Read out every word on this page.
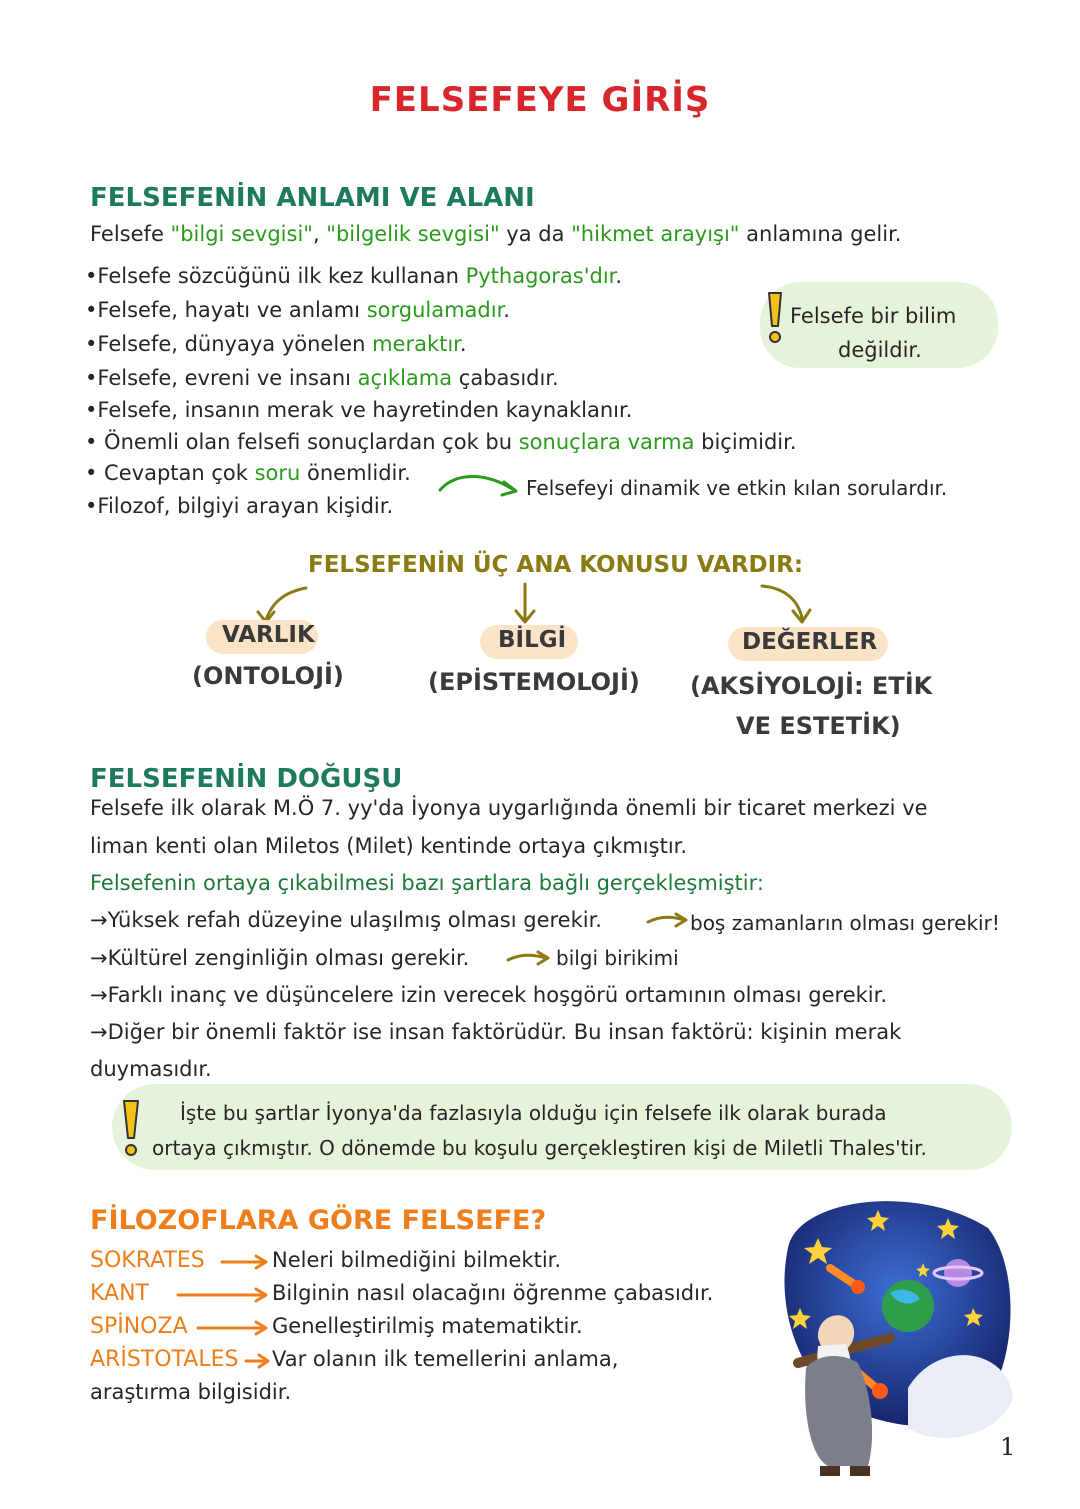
FELSEFEYE GİRİŞ
FELSEFENİN ANLAMI VE ALANI
Felsefe "bilgi sevgisi", "bilgelik sevgisi" ya da "hikmet arayışı" anlamına gelir.
•Felsefe sözcüğünü ilk kez kullanan Pythagoras'dır.
•Felsefe, hayatı ve anlamı sorgulamadır.
•Felsefe, dünyaya yönelen meraktır.
•Felsefe, evreni ve insanı açıklama çabasıdır.
•Felsefe, insanın merak ve hayretinden kaynaklanır.
• Önemli olan felsefi sonuçlardan çok bu sonuçlara varma biçimidir.
• Cevaptan çok soru önemlidir.
•Filozof, bilgiyi arayan kişidir.
Felsefeyi dinamik ve etkin kılan sorulardır.
Felsefe bir bilim
değildir.
FELSEFENİN ÜÇ ANA KONUSU VARDIR:
VARLIK
(ONTOLOJİ)
BİLGİ
(EPİSTEMOLOJİ)
DEĞERLER
(AKSİYOLOJİ: ETİK
VE ESTETİK)
FELSEFENİN DOĞUŞU
Felsefe ilk olarak M.Ö 7. yy'da İyonya uygarlığında önemli bir ticaret merkezi ve
liman kenti olan Miletos (Milet) kentinde ortaya çıkmıştır.
Felsefenin ortaya çıkabilmesi bazı şartlara bağlı gerçekleşmiştir:
→Yüksek refah düzeyine ulaşılmış olması gerekir.	boş zamanların olması gerekir!
→Kültürel zenginliğin olması gerekir.	bilgi birikimi
→Farklı inanç ve düşüncelere izin verecek hoşgörü ortamının olması gerekir.
→Diğer bir önemli faktör ise insan faktörüdür. Bu insan faktörü: kişinin merak
duymasıdır.
İşte bu şartlar İyonya'da fazlasıyla olduğu için felsefe ilk olarak burada
ortaya çıkmıştır. O dönemde bu koşulu gerçekleştiren kişi de Miletli Thales'tir.
FİLOZOFLARA GÖRE FELSEFE?
SOKRATES	Neleri bilmediğini bilmektir.
KANT	Bilginin nasıl olacağını öğrenme çabasıdır.
SPİNOZA	Genelleştirilmiş matematiktir.
ARİSTOTALES Var olanın ilk temellerini anlama,
araştırma bilgisidir.
1
